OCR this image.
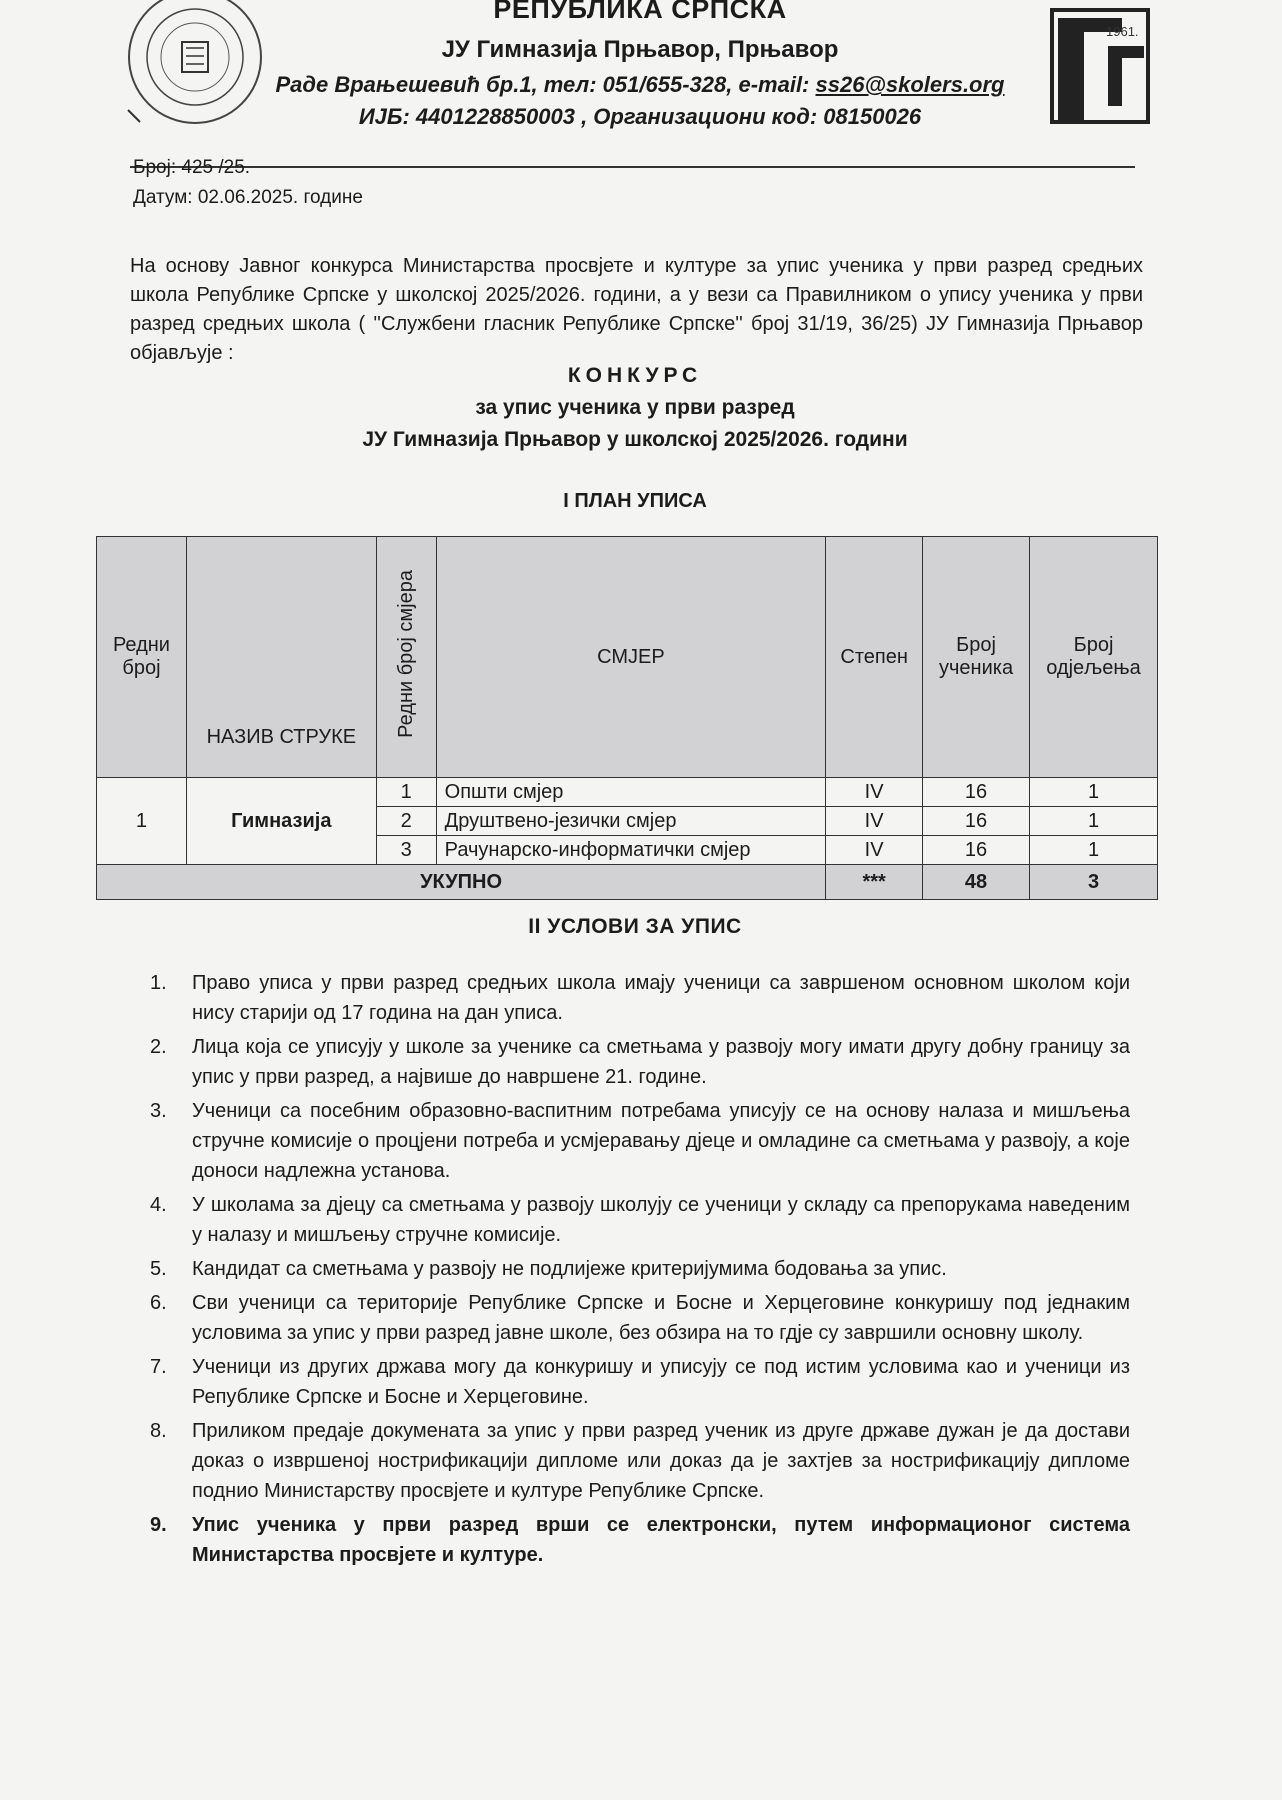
1961.
РЕПУБЛИКА СРПСКА
ЈУ Гимназија Прњавор, Прњавор
Раде Врањешевић бр.1, тел: 051/655-328, e-mail: ss26@skolers.org
ИЈБ: 4401228850003 , Организациони код: 08150026
Број: 425 /25.
Датум: 02.06.2025. године
На основу Јавног конкурса Министарства просвјете и културе за упис ученика у први разред средњих школа Републике Српске у школској 2025/2026. години, а у вези са Правилником о упису ученика у први разред средњих школа ( ''Службени гласник Републике Српске'' број 31/19, 36/25) ЈУ Гимназија Прњавор објављује :
КОНКУРС
за упис ученика у први разред
ЈУ Гимназија Прњавор у школској 2025/2026. години
I ПЛАН УПИСА
Редни број	НАЗИВ СТРУКЕ	Редни број смјера	СМЈЕР	Степен	Број ученика	Број одјељења
1	Гимназија	1	Општи смјер	IV	16	1
		2	Друштвено-језички смјер	IV	16	1
		3	Рачунарско-информатички смјер	IV	16	1
УКУПНО				***	48	3
II УСЛОВИ ЗА УПИС
1.	Право уписа у први разред средњих школа имају ученици са завршеном основном школом који нису старији од 17 година на дан уписа.
2.	Лица која се уписују у школе за ученике са сметњама у развоју могу имати другу добну границу за упис у први разред, а највише до навршене 21. године.
3.	Ученици са посебним образовно-васпитним потребама уписују се на основу налаза и мишљења стручне комисије о процјени потреба и усмјеравању дјеце и омладине са сметњама у развоју, а које доноси надлежна установа.
4.	У школама за дјецу са сметњама у развоју школују се ученици у складу са препорукама наведеним у налазу и мишљењу стручне комисије.
5.	Кандидат са сметњама у развоју не подлијеже критеријумима бодовања за упис.
6.	Сви ученици са територије Републике Српске и Босне и Херцеговине конкуришу под једнаким условима за упис у први разред јавне школе, без обзира на то гдје су завршили основну школу.
7.	Ученици из других држава могу да конкуришу и уписују се под истим условима као и ученици из Републике Српске и Босне и Херцеговине.
8.	Приликом предаје докумената за упис у први разред ученик из друге државе дужан је да достави доказ о извршеној нострификацији дипломе или доказ да је захтјев за нострификацију дипломе поднио Министарству просвјете и културе Републике Српске.
9.	Упис ученика у први разред врши се електронски, путем информационог система Министарства просвјете и културе.
